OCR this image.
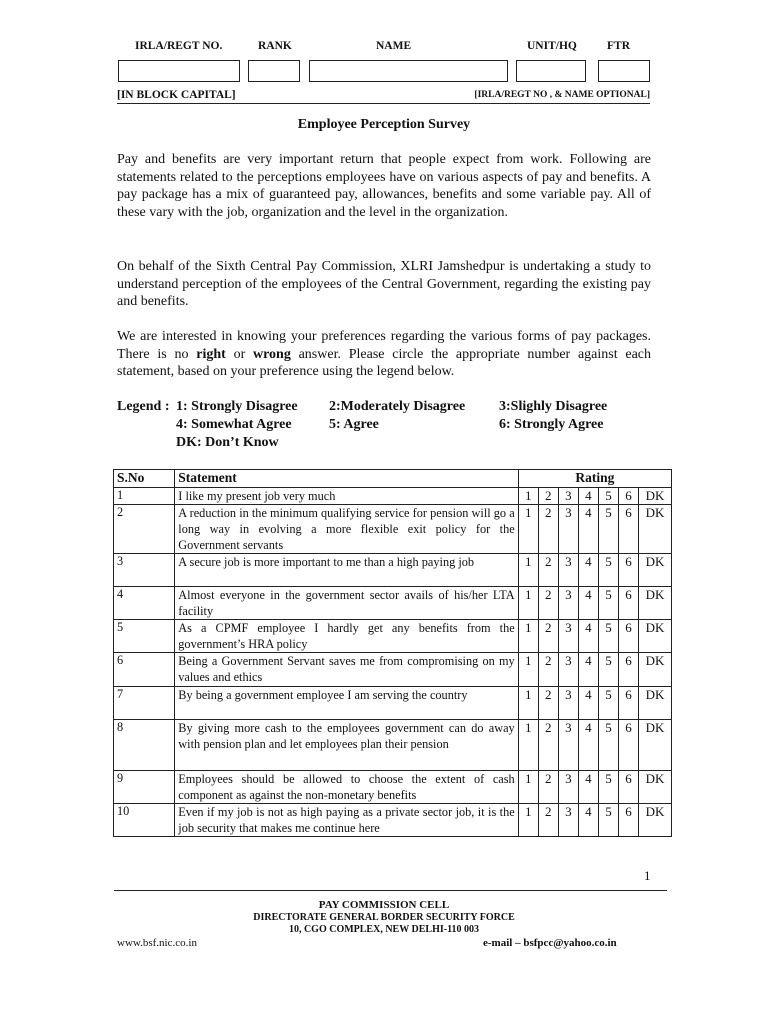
IRLA/REGT NO.	RANK	NAME	UNIT/HQ	FTR
[IN BLOCK CAPITAL]	[IRLA/REGT NO , & NAME OPTIONAL]
Employee Perception Survey

Pay and benefits are very important return that people expect from work. Following are statements related to the perceptions employees have on various aspects of pay and benefits. A pay package has a mix of guaranteed pay, allowances, benefits and some variable pay. All of these vary with the job, organization and the level in the organization.

On behalf of the Sixth Central Pay Commission, XLRI Jamshedpur is undertaking a study to understand perception of the employees of the Central Government, regarding the existing pay and benefits.

We are interested in knowing your preferences regarding the various forms of pay packages. There is no right or wrong answer. Please circle the appropriate number against each statement, based on your preference using the legend below.

Legend : 1: Strongly Disagree 2:Moderately Disagree 3:Slighly Disagree
4: Somewhat Agree	5: Agree	6: Strongly Agree
DK: Don’t Know
S.No	Statement	Rating						
1	I like my present job very much	1	2	3	4	5	6	DK
2	A reduction in the minimum qualifying service for pension will go a long way in evolving a more flexible exit policy for the Government servants	1	2	3	4	5	6	DK
3	A secure job is more important to me than a high paying job	1	2	3	4	5	6	DK
4	Almost everyone in the government sector avails of his/her LTA facility	1	2	3	4	5	6	DK
5	As a CPMF employee I hardly get any benefits from the government’s HRA policy	1	2	3	4	5	6	DK
6	Being a Government Servant saves me from compromising on my values and ethics	1	2	3	4	5	6	DK
7	By being a government employee I am serving the country	1	2	3	4	5	6	DK
8	By giving more cash to the employees government can do away with pension plan and let employees plan their pension	1	2	3	4	5	6	DK
9	Employees should be allowed to choose the extent of cash component as against the non-monetary benefits	1	2	3	4	5	6	DK
10	Even if my job is not as high paying as a private sector job, it is the job security that makes me continue here	1	2	3	4	5	6	DK
1
PAY COMMISSION CELL
DIRECTORATE GENERAL BORDER SECURITY FORCE
10, CGO COMPLEX, NEW DELHI-110 003
www.bsf.nic.co.in	e-mail – bsfpcc@yahoo.co.in
